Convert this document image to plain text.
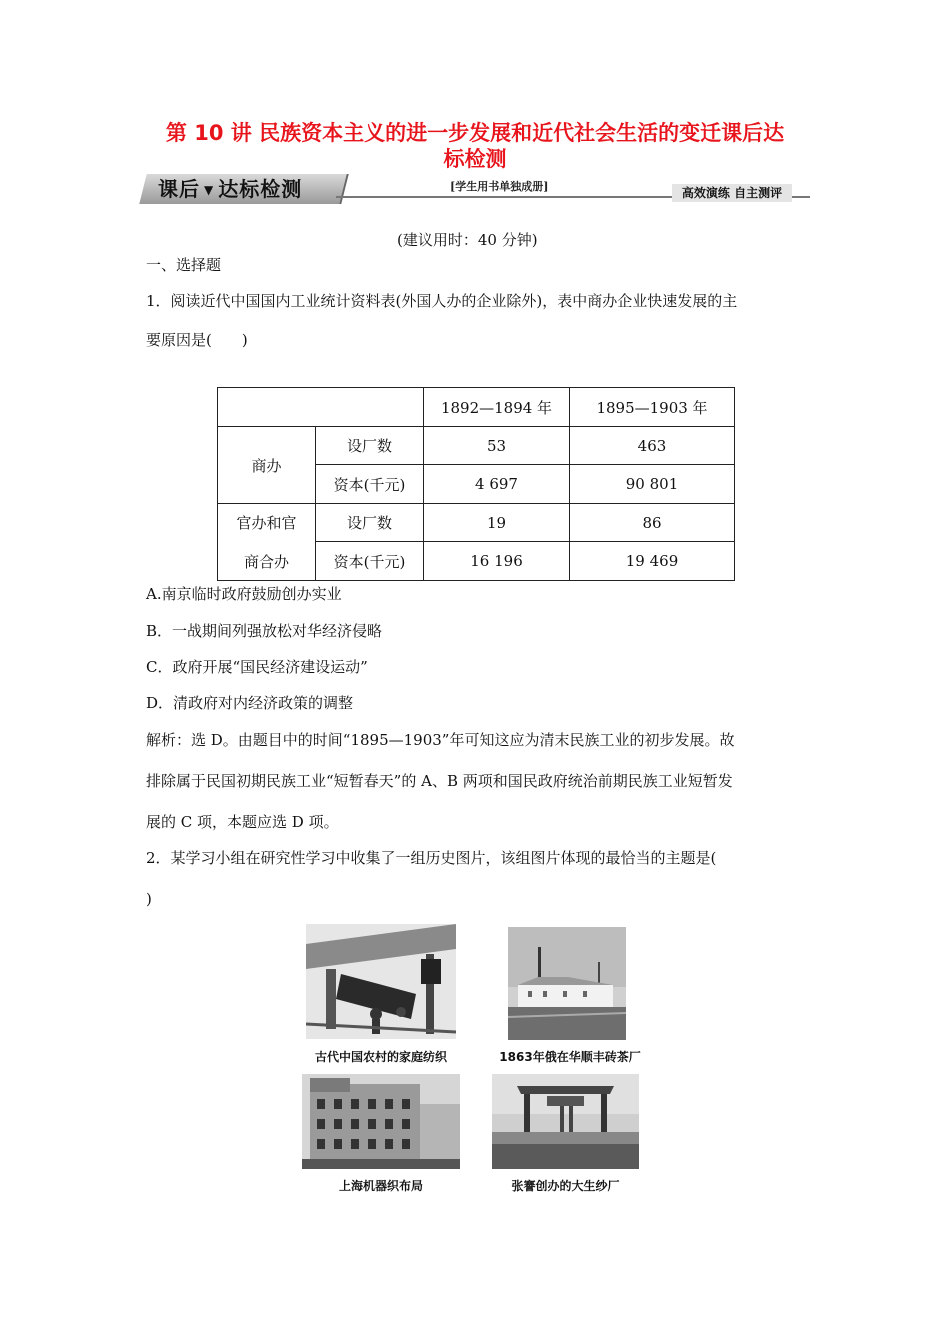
第 10 讲 民族资本主义的进一步发展和近代社会生活的变迁课后达
标检测
课后 ▼ 达标检测	[学生用书单独成册]	高效演练 自主测评
(建议用时：40 分钟)
一、选择题
1．阅读近代中国国内工业统计资料表(外国人办的企业除外)，表中商办企业快速发展的主
要原因是(　　)
		1892—1894 年	1895—1903 年
商办	设厂数	53	463
	资本(千元)	4 697	90 801

官办和官
商合办	设厂数	19	86
	资本(千元)	16 196	19 469
A.南京临时政府鼓励创办实业
B．一战期间列强放松对华经济侵略
C．政府开展“国民经济建设运动”
D．清政府对内经济政策的调整
解析：选 D。由题目中的时间“1895—1903”年可知这应为清末民族工业的初步发展。故
排除属于民国初期民族工业“短暂春天”的 A、B 两项和国民政府统治前期民族工业短暂发
展的 C 项，本题应选 D 项。
2．某学习小组在研究性学习中收集了一组历史图片，该组图片体现的最恰当的主题是(
)
古代中国农村的家庭纺织	1863年俄在华顺丰砖茶厂
上海机器织布局	张謇创办的大生纱厂
